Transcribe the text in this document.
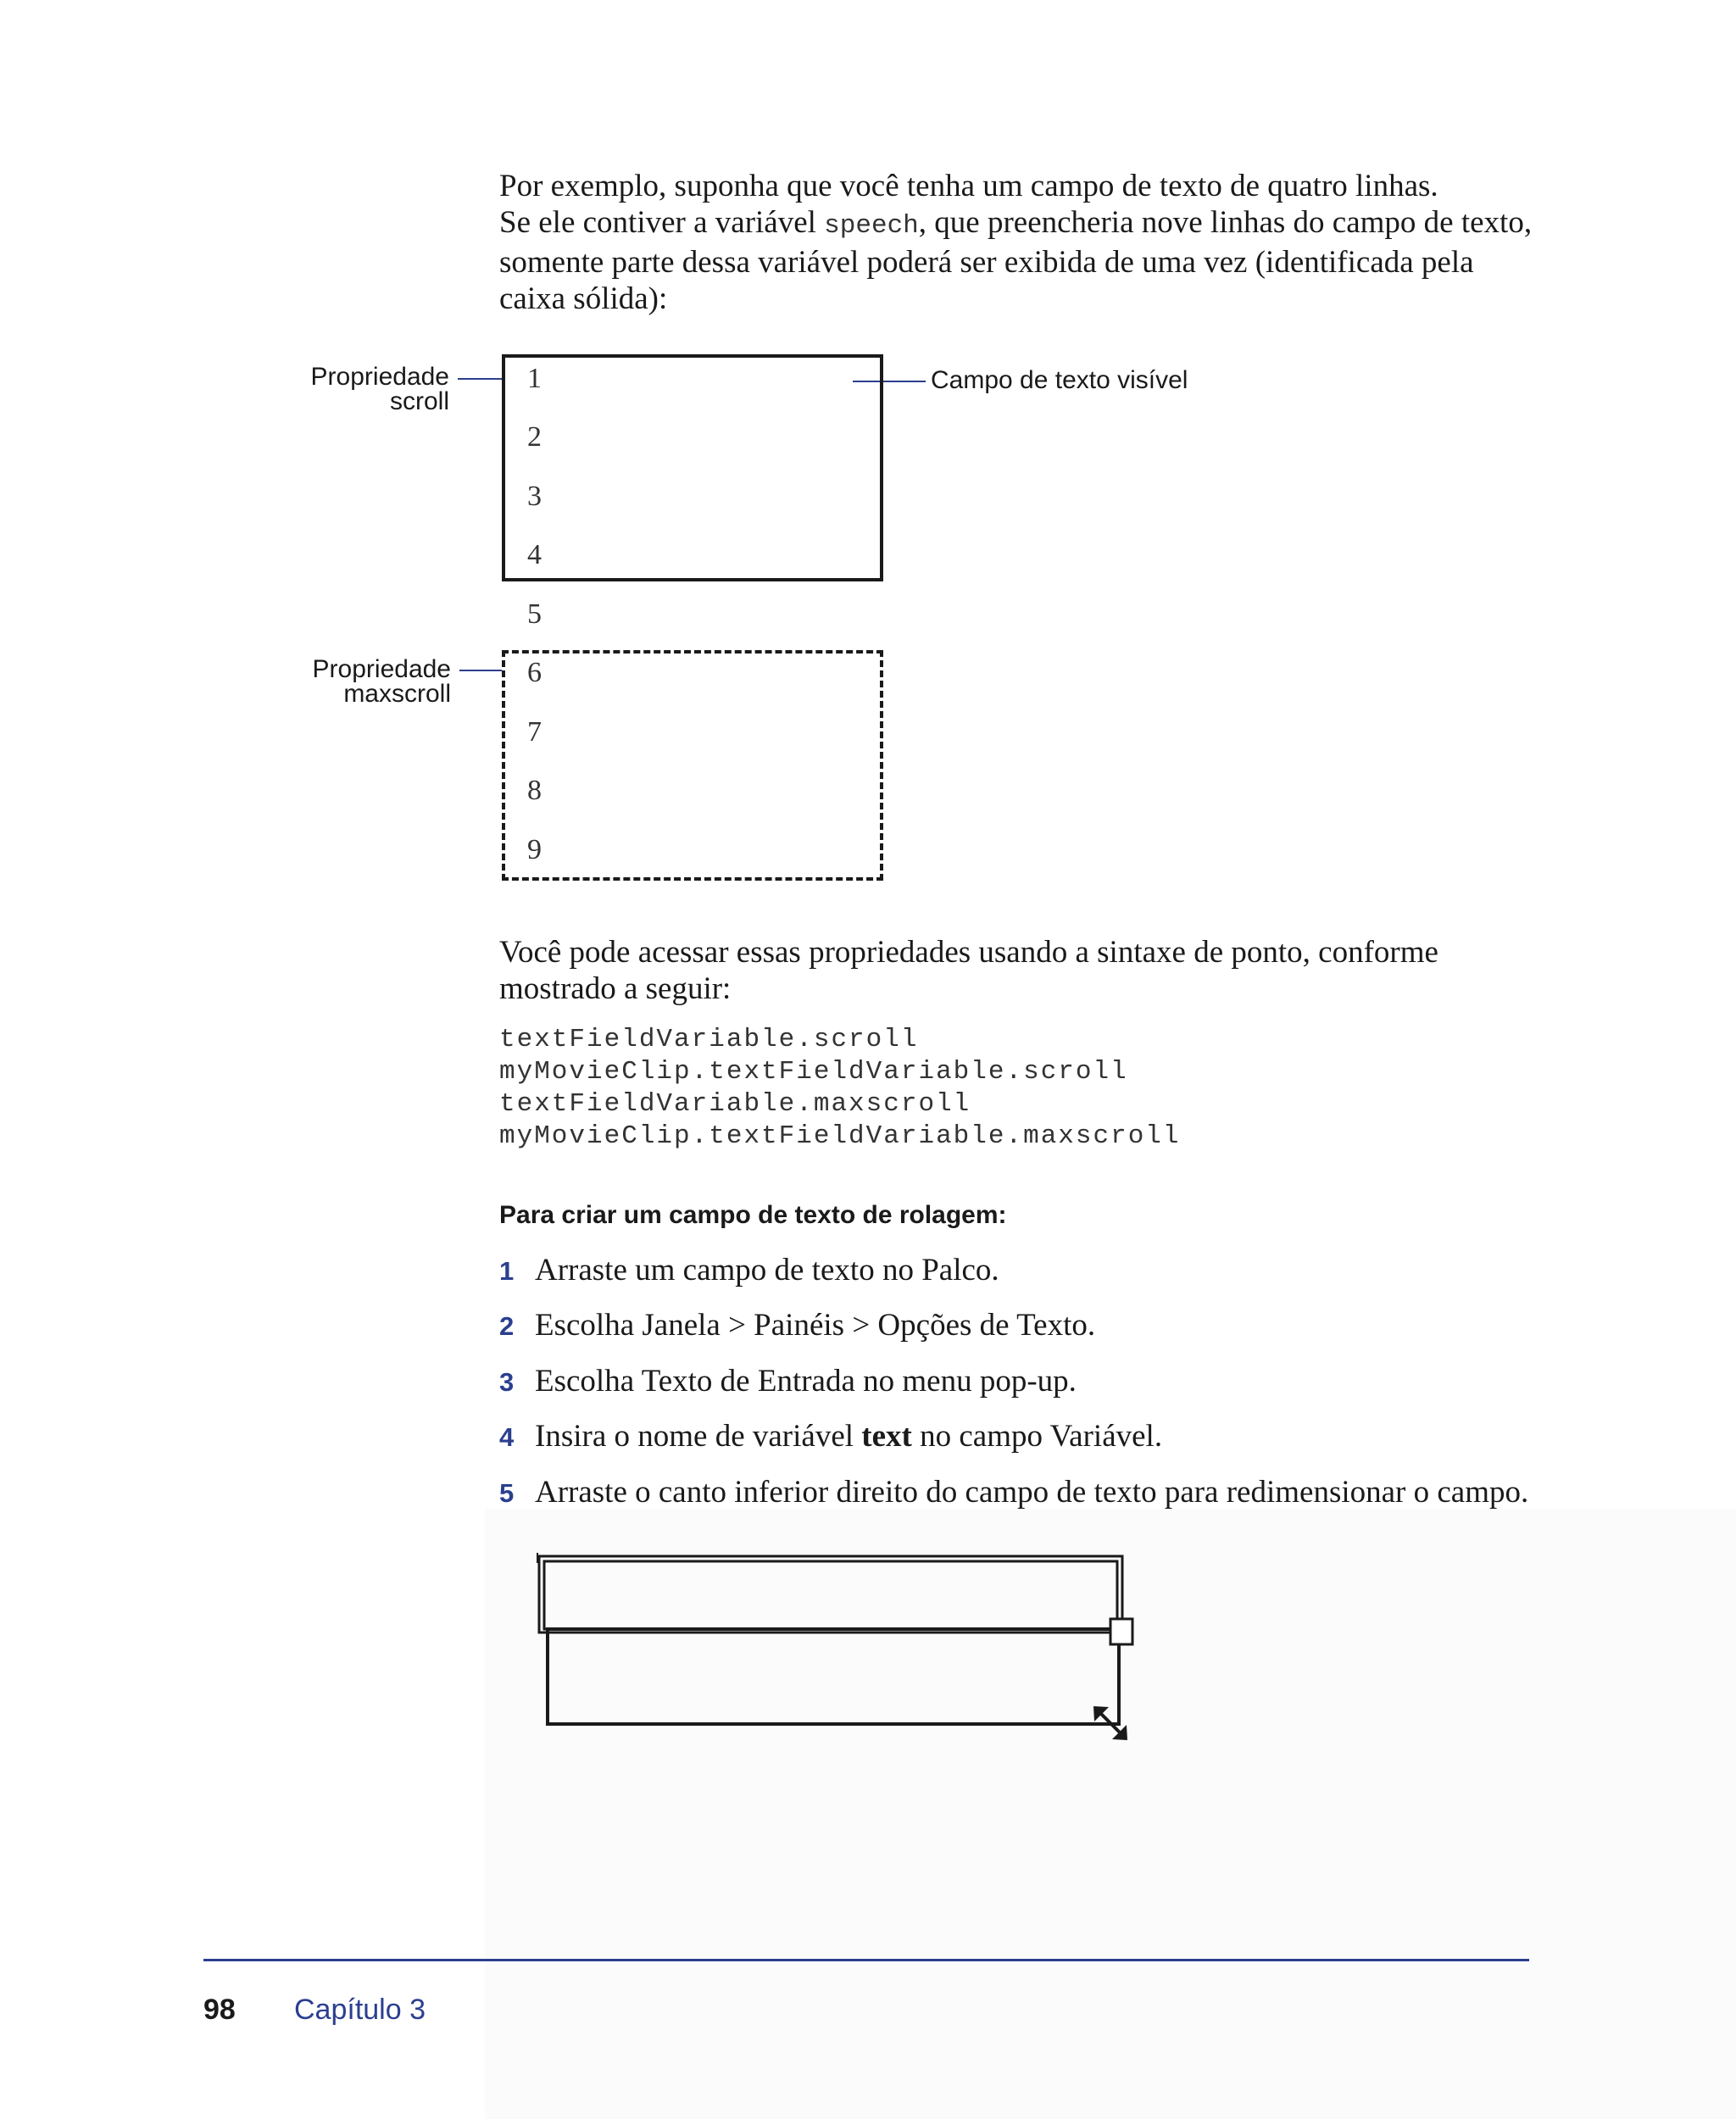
Por exemplo, suponha que você tenha um campo de texto de quatro linhas.

Se ele contiver a variável speech, que preencheria nove linhas do campo de texto,

somente parte dessa variável poderá ser exibida de uma vez (identificada pela

caixa sólida):

Propriedade
scroll
Propriedade
maxscroll
Campo de texto visível
1
2
3
4
5
6
7
8
9

Você pode acessar essas propriedades usando a sintaxe de ponto, conforme

mostrado a seguir:

textFieldVariable.scroll
myMovieClip.textFieldVariable.scroll
textFieldVariable.maxscroll
myMovieClip.textFieldVariable.maxscroll
Para criar um campo de texto de rolagem:
1 Arraste um campo de texto no Palco.
2 Escolha Janela > Painéis > Opções de Texto.
3 Escolha Texto de Entrada no menu pop-up.
4 Insira o nome de variável text no campo Variável.
5 Arraste o canto inferior direito do campo de texto para redimensionar o campo.
98 Capítulo 3
